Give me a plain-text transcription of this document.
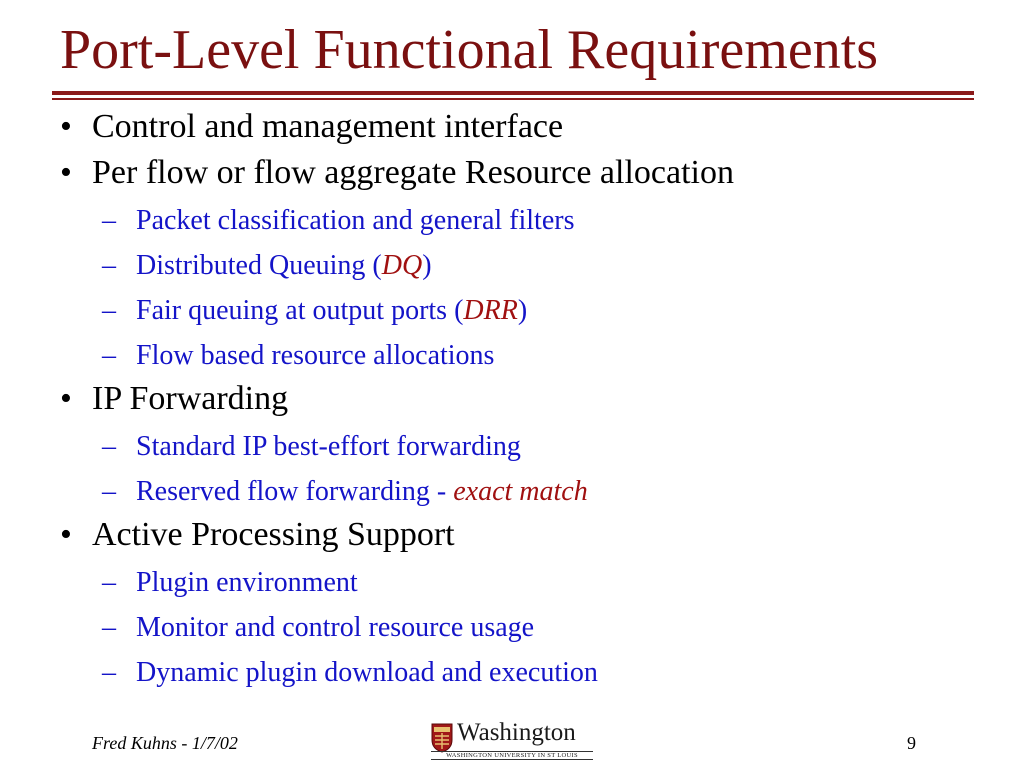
Port-Level Functional Requirements
• Control and management interface
• Per flow or flow aggregate Resource allocation
– Packet classification and general filters
– Distributed Queuing (DQ)
– Fair queuing at output ports (DRR)
– Flow based resource allocations
• IP Forwarding
– Standard IP best-effort forwarding
– Reserved flow forwarding - exact match
• Active Processing Support
– Plugin environment
– Monitor and control resource usage
– Dynamic plugin download and execution
Fred Kuhns - 1/7/02	Washington
WASHINGTON UNIVERSITY IN ST LOUIS
9
